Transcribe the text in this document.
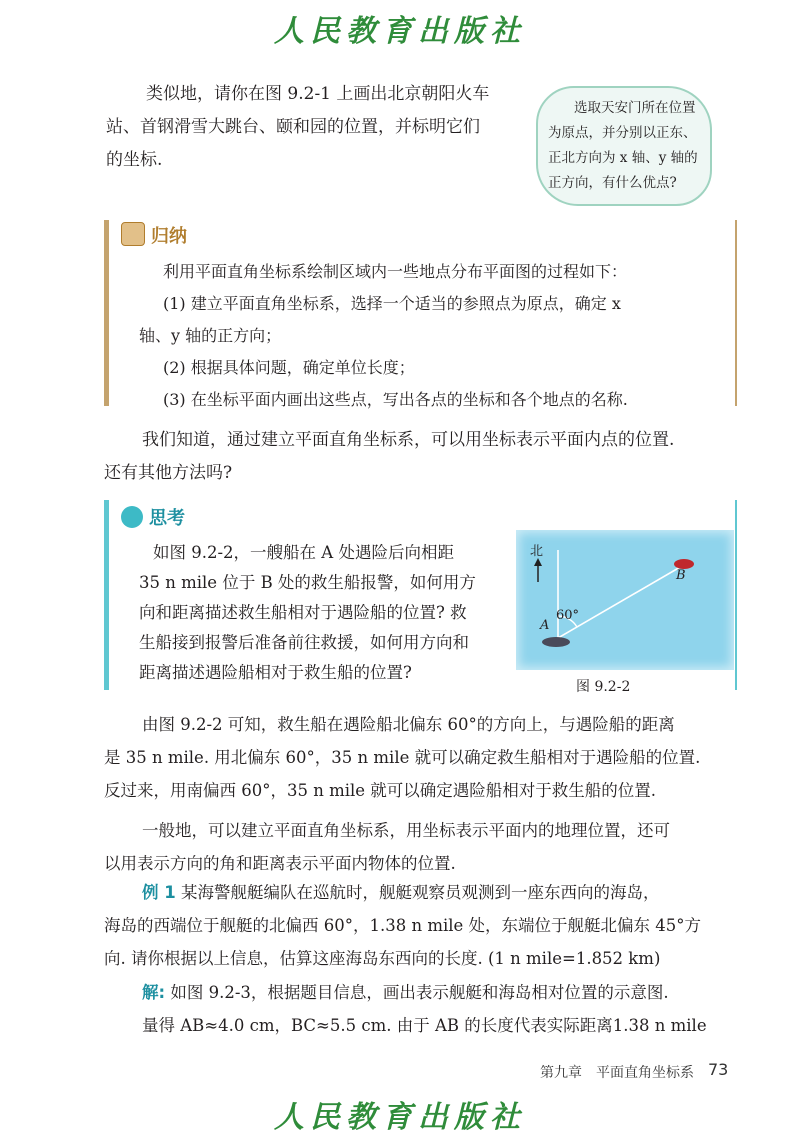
人民教育出版社
类似地，请你在图 9.2-1 上画出北京朝阳火车
站、首钢滑雪大跳台、颐和园的位置，并标明它们
的坐标.
选取天安门所在位置
为原点，并分别以正东、
正北方向为 x 轴、y 轴的
正方向，有什么优点?
归纳
利用平面直角坐标系绘制区域内一些地点分布平面图的过程如下：
(1) 建立平面直角坐标系，选择一个适当的参照点为原点，确定 x
轴、y 轴的正方向；
(2) 根据具体问题，确定单位长度；
(3) 在坐标平面内画出这些点，写出各点的坐标和各个地点的名称.
我们知道，通过建立平面直角坐标系，可以用坐标表示平面内点的位置.
还有其他方法吗?
思考
如图 9.2-2，一艘船在 A 处遇险后向相距
35 n mile 位于 B 处的救生船报警，如何用方
向和距离描述救生船相对于遇险船的位置? 救
生船接到报警后准备前往救援，如何用方向和
距离描述遇险船相对于救生船的位置?
北
60°
A
B
图 9.2-2
由图 9.2-2 可知，救生船在遇险船北偏东 60°的方向上，与遇险船的距离
是 35 n mile. 用北偏东 60°，35 n mile 就可以确定救生船相对于遇险船的位置.
反过来，用南偏西 60°，35 n mile 就可以确定遇险船相对于救生船的位置.
一般地，可以建立平面直角坐标系，用坐标表示平面内的地理位置，还可
以用表示方向的角和距离表示平面内物体的位置.
例 1 某海警舰艇编队在巡航时，舰艇观察员观测到一座东西向的海岛，
海岛的西端位于舰艇的北偏西 60°，1.38 n mile 处，东端位于舰艇北偏东 45°方
向. 请你根据以上信息，估算这座海岛东西向的长度. (1 n mile=1.852 km)
解: 如图 9.2-3，根据题目信息，画出表示舰艇和海岛相对位置的示意图.
量得 AB≈4.0 cm，BC≈5.5 cm. 由于 AB 的长度代表实际距离1.38 n mile
第九章　平面直角坐标系 73
人民教育出版社
